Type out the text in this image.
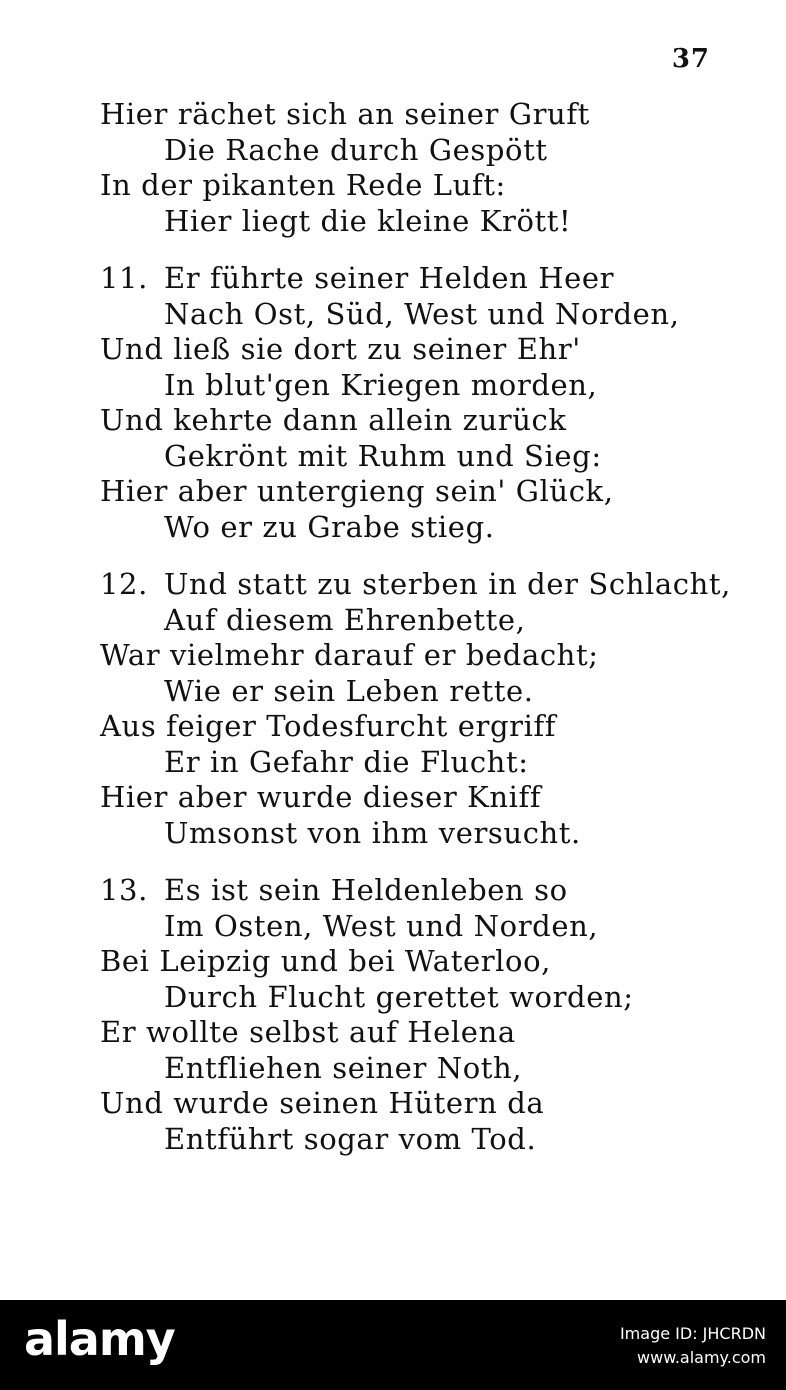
37
Hier rächet sich an seiner Gruft
Die Rache durch Gespött
In der pikanten Rede Luft:
Hier liegt die kleine Krött!
11. Er führte seiner Helden Heer
Nach Ost, Süd, West und Norden,
Und ließ sie dort zu seiner Ehr'
In blut'gen Kriegen morden,
Und kehrte dann allein zurück
Gekrönt mit Ruhm und Sieg:
Hier aber untergieng sein' Glück,
Wo er zu Grabe stieg.
12. Und statt zu sterben in der Schlacht,
Auf diesem Ehrenbette,
War vielmehr darauf er bedacht;
Wie er sein Leben rette.
Aus feiger Todesfurcht ergriff
Er in Gefahr die Flucht:
Hier aber wurde dieser Kniff
Umsonst von ihm versucht.
13. Es ist sein Heldenleben so
Im Osten, West und Norden,
Bei Leipzig und bei Waterloo,
Durch Flucht gerettet worden;
Er wollte selbst auf Helena
Entfliehen seiner Noth,
Und wurde seinen Hütern da
Entführt sogar vom Tod.
alamy	Image ID: JHCRDN
www.alamy.com
